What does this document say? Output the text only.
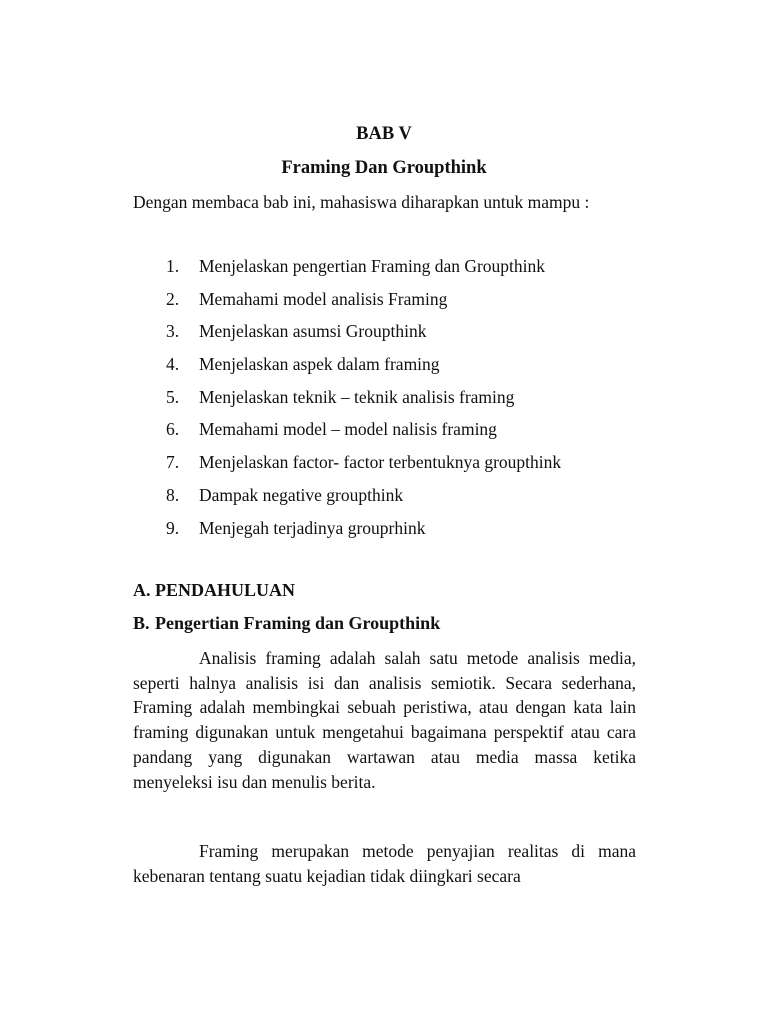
BAB V
Framing Dan Groupthink
Dengan membaca bab ini, mahasiswa diharapkan untuk mampu :
1. Menjelaskan pengertian Framing dan Groupthink
2. Memahami model analisis Framing
3. Menjelaskan asumsi Groupthink
4. Menjelaskan aspek dalam framing
5. Menjelaskan teknik – teknik analisis framing
6. Memahami model – model nalisis framing
7. Menjelaskan factor- factor terbentuknya groupthink
8. Dampak negative groupthink
9. Menjegah terjadinya grouprhink
A. PENDAHULUAN
B. Pengertian Framing dan Groupthink

Analisis framing adalah salah satu metode analisis media, seperti halnya analisis isi dan analisis semiotik. Secara sederhana, Framing adalah membingkai sebuah peristiwa, atau dengan kata lain framing digunakan untuk mengetahui bagaimana perspektif atau cara pandang yang digunakan wartawan atau media massa ketika menyeleksi isu dan menulis berita.

Framing merupakan metode penyajian realitas di mana kebenaran tentang suatu kejadian tidak diingkari secara
